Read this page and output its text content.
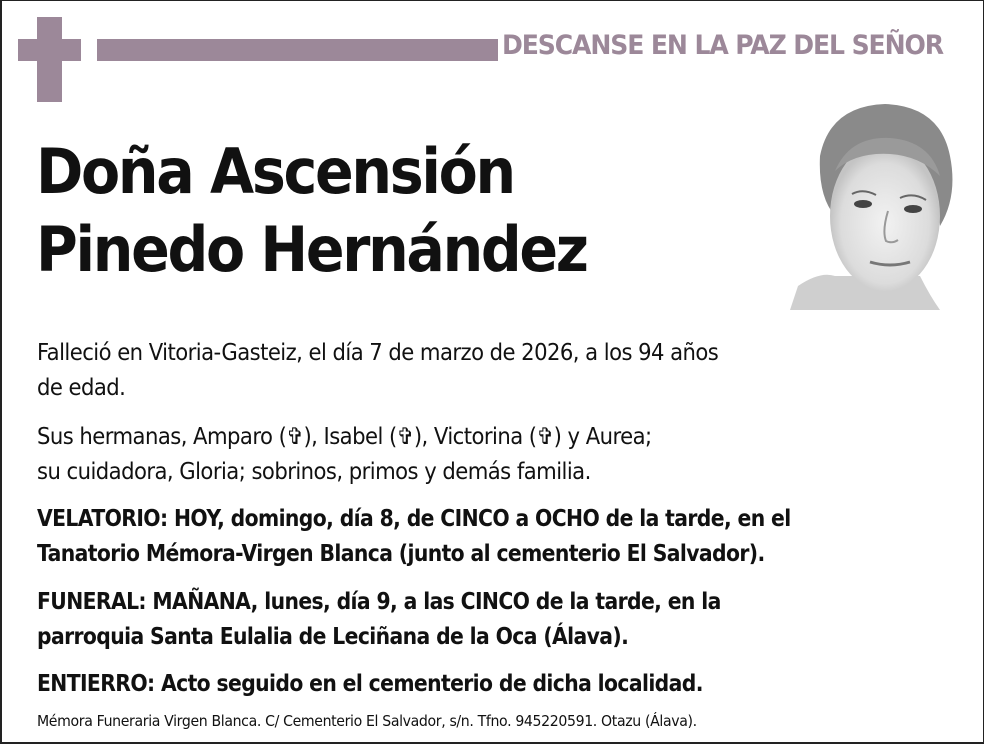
DESCANSE EN LA PAZ DEL SEÑOR
Doña Ascensión
Pinedo Hernández
Falleció en Vitoria-Gasteiz, el día 7 de marzo de 2026, a los 94 años
de edad.
Sus hermanas, Amparo (✞), Isabel (✞), Victorina (✞) y Aurea;
su cuidadora, Gloria; sobrinos, primos y demás familia.
VELATORIO: HOY, domingo, día 8, de CINCO a OCHO de la tarde, en el
Tanatorio Mémora-Virgen Blanca (junto al cementerio El Salvador).
FUNERAL: MAÑANA, lunes, día 9, a las CINCO de la tarde, en la
parroquia Santa Eulalia de Leciñana de la Oca (Álava).
ENTIERRO: Acto seguido en el cementerio de dicha localidad.
Mémora Funeraria Virgen Blanca. C/ Cementerio El Salvador, s/n. Tfno. 945220591. Otazu (Álava).
